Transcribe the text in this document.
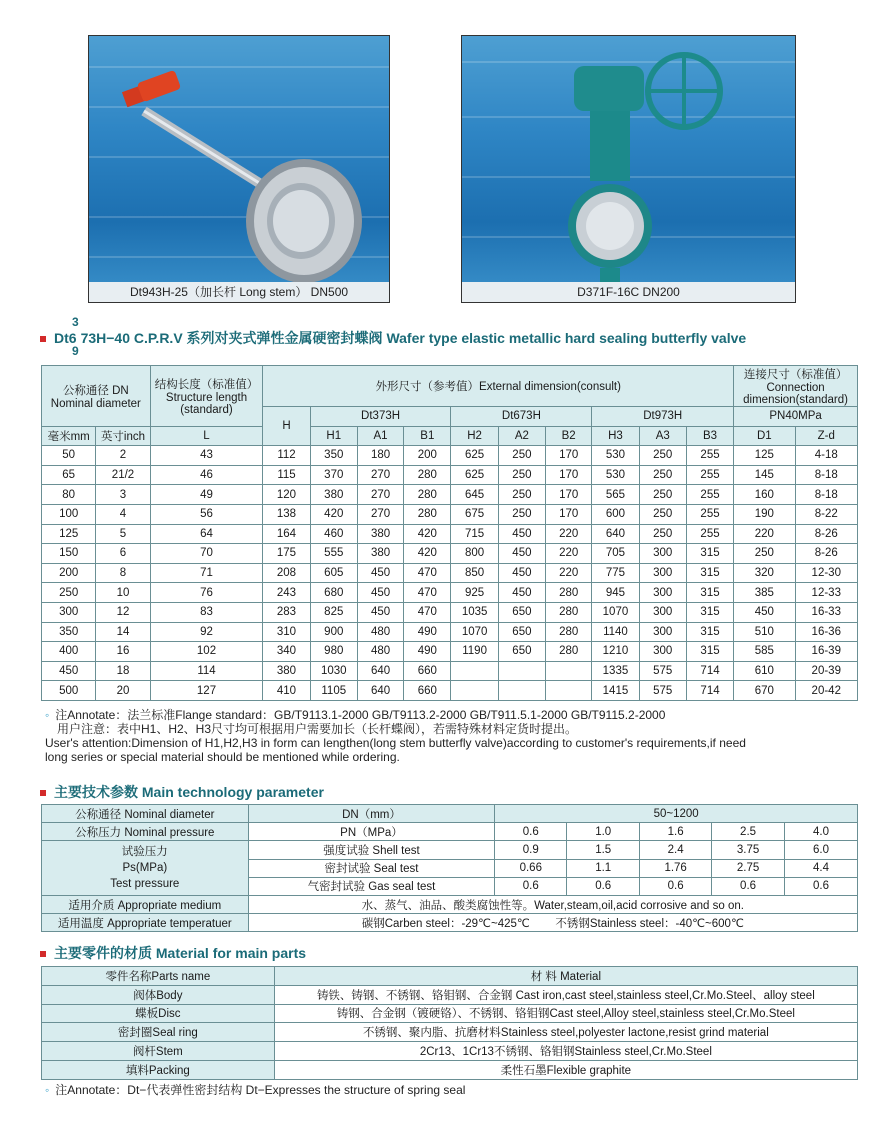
Dt943H-25（加长杆 Long stem） DN500	D371F-16C DN200
Dt6
3
9
73H−40 C.P.R.V 系列对夹式弹性金属硬密封蝶阀 Wafer type elastic metallic hard sealing butterfly valve
公称通径 DN Nominal diameter		结构长度（标准值） Structure length (standard)	外形尺寸（参考值）External dimension(consult)										连接尺寸（标准值） Connection dimension(standard)	
			H	Dt373H			Dt673H			Dt973H			PN40MPa	
毫米mm	英寸inch	L		H1	A1	B1	H2	A2	B2	H3	A3	B3	D1	Z-d
50	2	43	112	350	180	200	625	250	170	530	250	255	125	4-18
65	21/2	46	115	370	270	280	625	250	170	530	250	255	145	8-18
80	3	49	120	380	270	280	645	250	170	565	250	255	160	8-18
100	4	56	138	420	270	280	675	250	170	600	250	255	190	8-22
125	5	64	164	460	380	420	715	450	220	640	250	255	220	8-26
150	6	70	175	555	380	420	800	450	220	705	300	315	250	8-26
200	8	71	208	605	450	470	850	450	220	775	300	315	320	12-30
250	10	76	243	680	450	470	925	450	280	945	300	315	385	12-33
300	12	83	283	825	450	470	1035	650	280	1070	300	315	450	16-33
350	14	92	310	900	480	490	1070	650	280	1140	300	315	510	16-36
400	16	102	340	980	480	490	1190	650	280	1210	300	315	585	16-39
450	18	114	380	1030	640	660				1335	575	714	610	20-39
500	20	127	410	1105	640	660				1415	575	714	670	20-42
◦ 注Annotate：法兰标准Flange standard：GB/T9113.1-2000 GB/T9113.2-2000 GB/T911.5.1-2000 GB/T9115.2-2000
用户注意：表中H1、H2、H3尺寸均可根据用户需要加长（长杆蝶阀），若需特殊材料定货时提出。
User's attention:Dimension of H1,H2,H3 in form can lengthen(long stem butterfly valve)according to customer's requirements,if need
long series or special material should be mentioned while ordering.
主要技术参数 Main technology parameter
公称通径 Nominal diameter	DN（mm）	50~1200				
公称压力 Nominal pressure	PN（MPa）	0.6	1.0	1.6	2.5	4.0

试验压力
Ps(MPa)
Test pressure	强度试验 Shell test	0.9	1.5	2.4	3.75	6.0
	密封试验 Seal test	0.66	1.1	1.76	2.75	4.4
	气密封试验 Gas seal test	0.6	0.6	0.6	0.6	0.6
适用介质 Appropriate medium	水、蒸气、油品、酸类腐蚀性等。Water,steam,oil,acid corrosive and so on.					
适用温度 Appropriate temperatuer	碳钢Carben steel：-29℃~425℃        不锈钢Stainless steel：-40℃~600℃					
主要零件的材质 Material for main parts
零件名称Parts name	材 料 Material
阀体Body	铸铁、铸钢、不锈钢、铬钼钢、合金钢 Cast iron,cast steel,stainless steel,Cr.Mo.Steel、alloy steel
蝶板Disc	铸钢、合金钢（镀硬铬）、不锈钢、铬钼钢Cast steel,Alloy steel,stainless steel,Cr.Mo.Steel
密封圈Seal ring	不锈钢、聚内脂、抗磨材料Stainless steel,polyester lactone,resist grind material
阀杆Stem	2Cr13、1Cr13不锈钢、铬钼钢Stainless steel,Cr.Mo.Steel
填料Packing	柔性石墨Flexible graphite
◦ 注Annotate：Dt−代表弹性密封结构 Dt−Expresses the structure of spring seal
